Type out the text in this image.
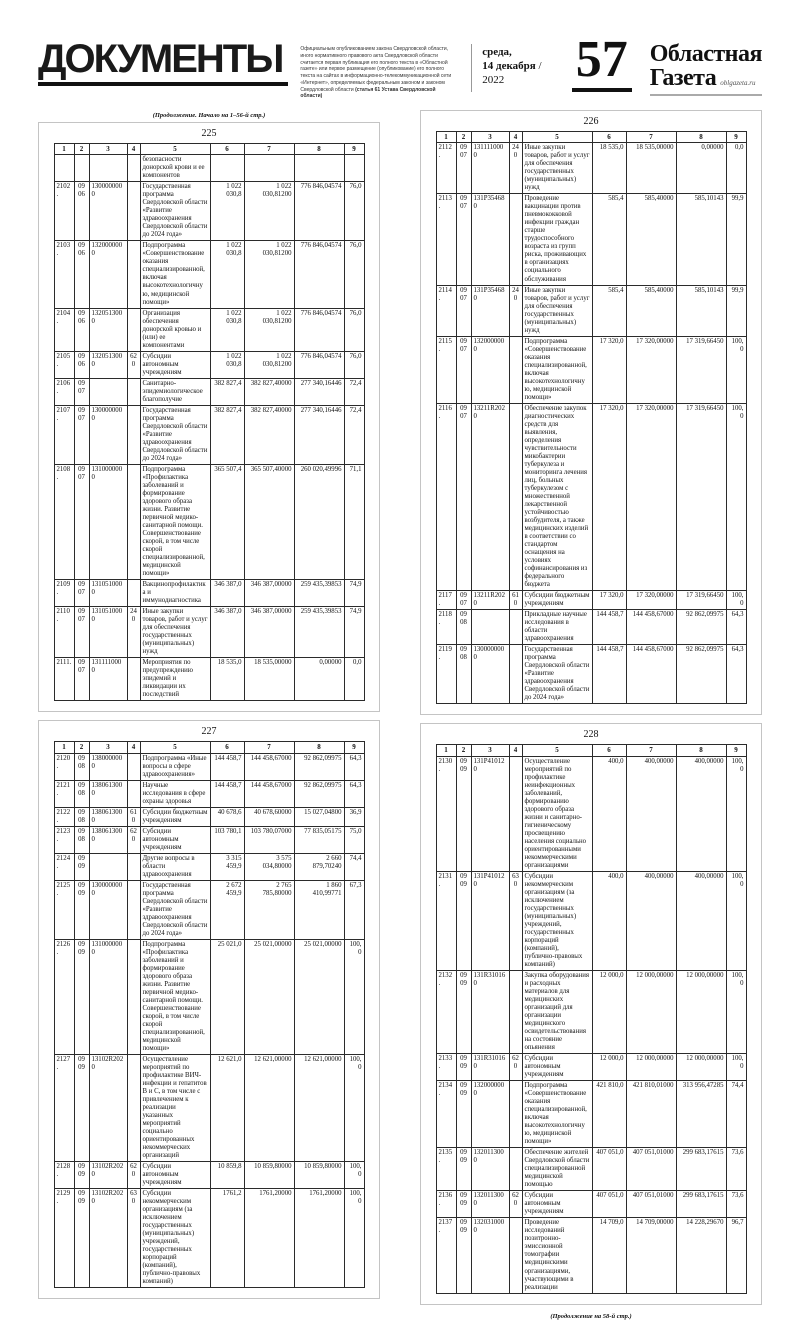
ДОКУМЕНТЫ	Официальным опубликованием закона Свердловской области, иного нормативного правового акта Свердловской области считается первая публикация его полного текста в «Областной газете» или первое размещение (опубликование) его полного текста на сайтах в информационно-телекоммуникационной сети «Интернет», определяемых федеральным законом и законом Свердловской области (статья 61 Устава Свердловской области)
среда,
14 декабря / 2022	57 Областная
Газета oblgazeta.ru
(Продолжение. Начало на 1–56-й стр.)
225
1	2	3	4	5	6	7	8	9
				безопасности донорской крови и ее компонентов				
2102.	0906	1300000000		Государственная программа Свердловской области «Развитие здравоохранения Свердловской области до 2024 года»	1 022 030,8	1 022 030,81200	776 846,04574	76,0
2103.	0906	1320000000		Подпрограмма «Совершенствование оказания специализированной, включая высокотехнологичную, медицинской помощи»	1 022 030,8	1 022 030,81200	776 846,04574	76,0
2104.	0906	1320513000		Организация обеспечения донорской кровью и (или) ее компонентами	1 022 030,8	1 022 030,81200	776 846,04574	76,0
2105.	0906	1320513000	620	Субсидии автономным учреждениям	1 022 030,8	1 022 030,81200	776 846,04574	76,0
2106.	0907			Санитарно-эпидемиологическое благополучие	382 827,4	382 827,40000	277 340,16446	72,4
2107.	0907	1300000000		Государственная программа Свердловской области «Развитие здравоохранения Свердловской области до 2024 года»	382 827,4	382 827,40000	277 340,16446	72,4
2108.	0907	1310000000		Подпрограмма «Профилактика заболеваний и формирование здорового образа жизни. Развитие первичной медико-санитарной помощи. Совершенствование скорой, в том числе скорой специализированной, медицинской помощи»	365 507,4	365 507,40000	260 020,49996	71,1
2109.	0907	1310510000		Вакцинопрофилактика и иммунодиагностика	346 387,0	346 387,00000	259 435,39853	74,9
2110.	0907	1310510000	240	Иные закупки товаров, работ и услуг для обеспечения государственных (муниципальных) нужд	346 387,0	346 387,00000	259 435,39853	74,9
2111.	0907	1311110000		Мероприятия по предупреждению эпидемий и ликвидации их последствий	18 535,0	18 535,00000	0,00000	0,0
227
1	2	3	4	5	6	7	8	9
2120.	0908	1380000000		Подпрограмма «Иные вопросы в сфере здравоохранения»	144 458,7	144 458,67000	92 862,09975	64,3
2121.	0908	1380613000		Научные исследования в сфере охраны здоровья	144 458,7	144 458,67000	92 862,09975	64,3
2122.	0908	1380613000	610	Субсидии бюджетным учреждениям	40 678,6	40 678,60000	15 027,04800	36,9
2123.	0908	1380613000	620	Субсидии автономным учреждениям	103 780,1	103 780,07000	77 835,05175	75,0
2124.	0909			Другие вопросы в области здравоохранения	3 315 459,9	3 575 034,80000	2 660 879,70240	74,4
2125.	0909	1300000000		Государственная программа Свердловской области «Развитие здравоохранения Свердловской области до 2024 года»	2 672 459,9	2 765 785,80000	1 860 410,99771	67,3
2126.	0909	1310000000		Подпрограмма «Профилактика заболеваний и формирование здорового образа жизни. Развитие первичной медико-санитарной помощи. Совершенствование скорой, в том числе скорой специализированной, медицинской помощи»	25 021,0	25 021,00000	25 021,00000	100,0
2127.	0909	13102R2020		Осуществление мероприятий по профилактике ВИЧ-инфекции и гепатитов В и С, в том числе с привлечением к реализации указанных мероприятий социально ориентированных некоммерческих организаций	12 621,0	12 621,00000	12 621,00000	100,0
2128.	0909	13102R2020	620	Субсидии автономным учреждениям	10 859,8	10 859,80000	10 859,80000	100,0
2129.	0909	13102R2020	630	Субсидии некоммерческим организациям (за исключением государственных (муниципальных) учреждений, государственных корпораций (компаний), публично-правовых компаний)	1761,2	1761,20000	1761,20000	100,0
226
1	2	3	4	5	6	7	8	9
2112.	0907	1311110000	240	Иные закупки товаров, работ и услуг для обеспечения государственных (муниципальных) нужд	18 535,0	18 535,00000	0,00000	0,0
2113.	0907	131P354680		Проведение вакцинации против пневмококковой инфекции граждан старше трудоспособного возраста из групп риска, проживающих в организациях социального обслуживания	585,4	585,40000	585,10143	99,9
2114.	0907	131P354680	240	Иные закупки товаров, работ и услуг для обеспечения государственных (муниципальных) нужд	585,4	585,40000	585,10143	99,9
2115.	0907	1320000000		Подпрограмма «Совершенствование оказания специализированной, включая высокотехнологичную, медицинской помощи»	17 320,0	17 320,00000	17 319,66450	100,0
2116.	0907	13211R2020		Обеспечение закупок диагностических средств для выявления, определения чувствительности микобактерии туберкулеза и мониторинга лечения лиц, больных туберкулезом с множественной лекарственной устойчивостью возбудителя, а также медицинских изделий в соответствии со стандартом оснащения на условиях софинансирования из федерального бюджета	17 320,0	17 320,00000	17 319,66450	100,0
2117.	0907	13211R2020	610	Субсидии бюджетным учреждениям	17 320,0	17 320,00000	17 319,66450	100,0
2118.	0908			Прикладные научные исследования в области здравоохранения	144 458,7	144 458,67000	92 862,09975	64,3
2119.	0908	1300000000		Государственная программа Свердловской области «Развитие здравоохранения Свердловской области до 2024 года»	144 458,7	144 458,67000	92 862,09975	64,3
228
1	2	3	4	5	6	7	8	9
2130.	0909	131P410120		Осуществление мероприятий по профилактике неинфекционных заболеваний, формированию здорового образа жизни и санитарно-гигиеническому просвещению населения социально ориентированными некоммерческими организациями	400,0	400,00000	400,00000	100,0
2131.	0909	131P410120	630	Субсидии некоммерческим организациям (за исключением государственных (муниципальных) учреждений, государственных корпораций (компаний), публично-правовых компаний)	400,0	400,00000	400,00000	100,0
2132.	0909	131R310160		Закупка оборудования и расходных материалов для медицинских организаций для организации медицинского освидетельствования на состояние опьянения	12 000,0	12 000,00000	12 000,00000	100,0
2133.	0909	131R310160	620	Субсидии автономным учреждениям	12 000,0	12 000,00000	12 000,00000	100,0
2134.	0909	1320000000		Подпрограмма «Совершенствование оказания специализированной, включая высокотехнологичную, медицинской помощи»	421 810,0	421 810,01000	313 956,47285	74,4
2135.	0909	1320113000		Обеспечение жителей Свердловской области специализированной медицинской помощью	407 051,0	407 051,01000	299 683,17615	73,6
2136.	0909	1320113000	620	Субсидии автономным учреждениям	407 051,0	407 051,01000	299 683,17615	73,6
2137.	0909	1320310000		Проведение исследований позитронно-эмиссионной томографии медицинскими организациями, участвующими в реализации	14 709,0	14 709,00000	14 228,29670	96,7
(Продолжение на 58-й стр.)
